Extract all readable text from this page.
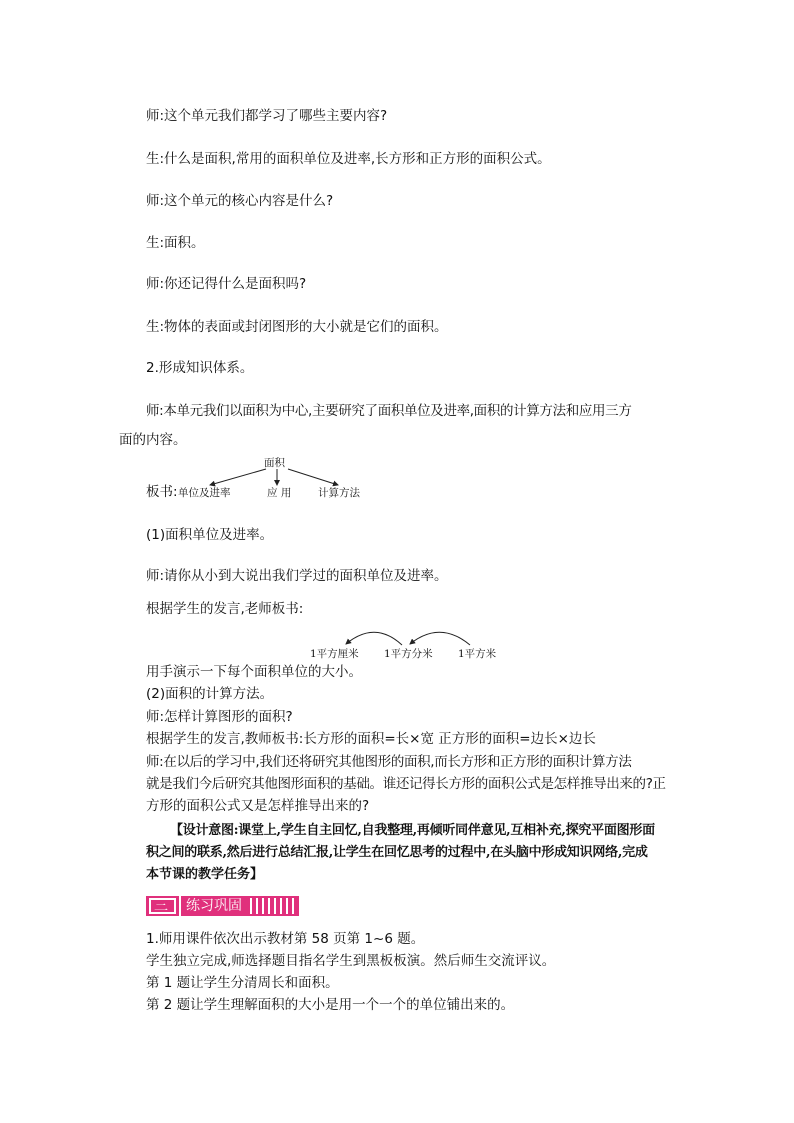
师:这个单元我们都学习了哪些主要内容?
生:什么是面积,常用的面积单位及进率,长方形和正方形的面积公式。
师:这个单元的核心内容是什么?
生:面积。
师:你还记得什么是面积吗?
生:物体的表面或封闭图形的大小就是它们的面积。
2.形成知识体系。
师:本单元我们以面积为中心,主要研究了面积单位及进率,面积的计算方法和应用三方
面的内容。
板书:
面积
单位及进率	应 用	计算方法
(1)面积单位及进率。
师:请你从小到大说出我们学过的面积单位及进率。
根据学生的发言,老师板书:
1平方厘米 1平方分米 1平方米
用手演示一下每个面积单位的大小。
(2)面积的计算方法。
师:怎样计算图形的面积?
根据学生的发言,教师板书:长方形的面积=长×宽 正方形的面积=边长×边长
师:在以后的学习中,我们还将研究其他图形的面积,而长方形和正方形的面积计算方法
就是我们今后研究其他图形面积的基础。谁还记得长方形的面积公式是怎样推导出来的?正
方形的面积公式又是怎样推导出来的?
【设计意图:课堂上,学生自主回忆,自我整理,再倾听同伴意见,互相补充,探究平面图形面
积之间的联系,然后进行总结汇报,让学生在回忆思考的过程中,在头脑中形成知识网络,完成
本节课的教学任务】
三 练习巩固
1.师用课件依次出示教材第 58 页第 1~6 题。
学生独立完成,师选择题目指名学生到黑板板演。然后师生交流评议。
第 1 题让学生分清周长和面积。
第 2 题让学生理解面积的大小是用一个一个的单位铺出来的。
